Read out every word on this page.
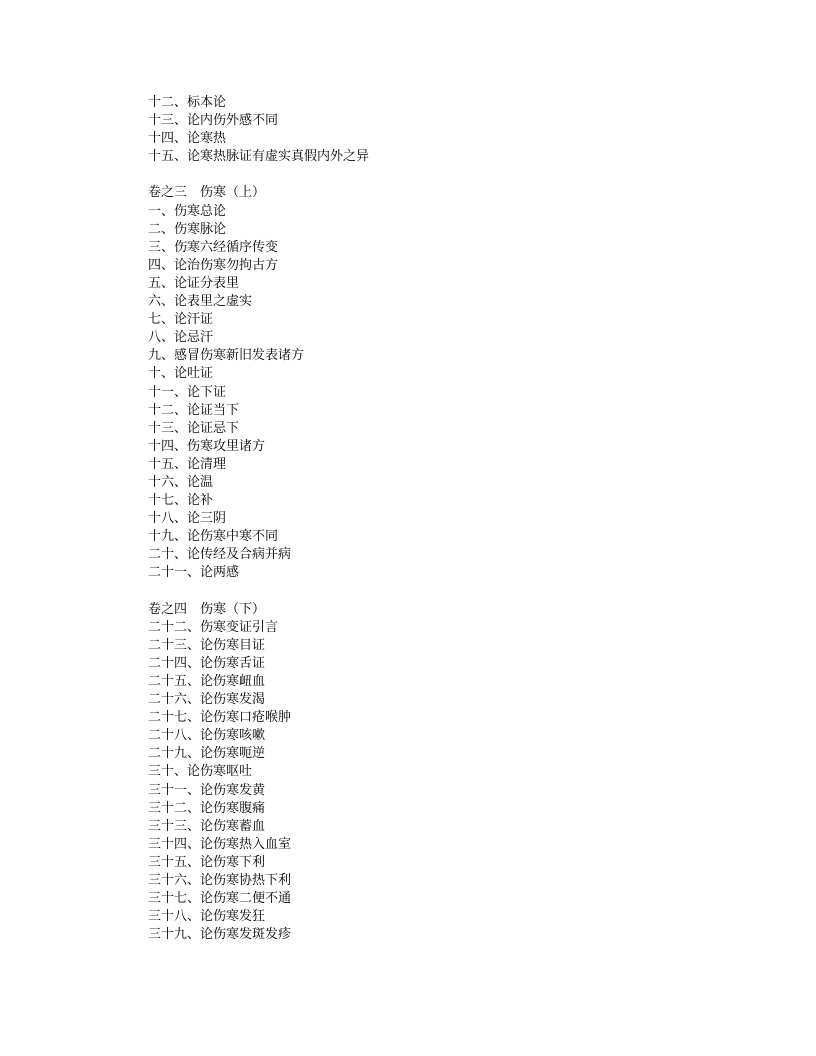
十二、标本论
十三、论内伤外感不同
十四、论寒热
十五、论寒热脉证有虚实真假内外之异
卷之三　伤寒（上）
一、伤寒总论
二、伤寒脉论
三、伤寒六经循序传变
四、论治伤寒勿拘古方
五、论证分表里
六、论表里之虚实
七、论汗证
八、论忌汗
九、感冒伤寒新旧发表诸方
十、论吐证
十一、论下证
十二、论证当下
十三、论证忌下
十四、伤寒攻里诸方
十五、论清理
十六、论温
十七、论补
十八、论三阴
十九、论伤寒中寒不同
二十、论传经及合病并病
二十一、论两感
卷之四　伤寒（下）
二十二、伤寒变证引言
二十三、论伤寒目证
二十四、论伤寒舌证
二十五、论伤寒衄血
二十六、论伤寒发渴
二十七、论伤寒口疮喉肿
二十八、论伤寒咳嗽
二十九、论伤寒呃逆
三十、论伤寒呕吐
三十一、论伤寒发黄
三十二、论伤寒腹痛
三十三、论伤寒蓄血
三十四、论伤寒热入血室
三十五、论伤寒下利
三十六、论伤寒协热下利
三十七、论伤寒二便不通
三十八、论伤寒发狂
三十九、论伤寒发斑发疹
